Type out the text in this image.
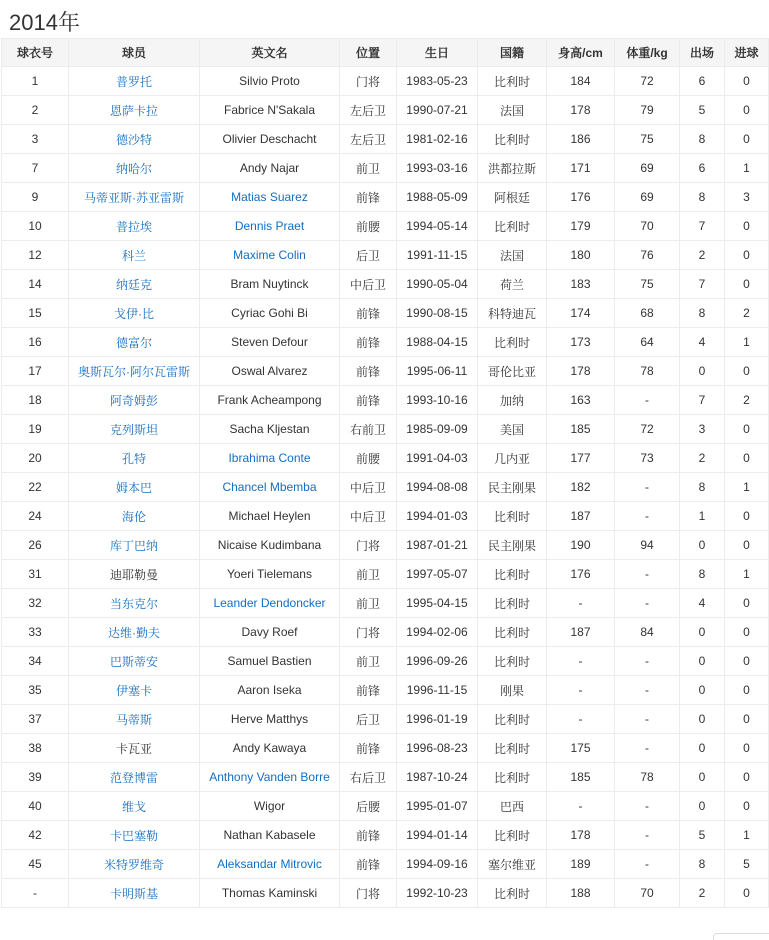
2014年
球衣号	球员	英文名	位置	生日	国籍	身高/cm	体重/kg	出场	进球
1	普罗托	Silvio Proto	门将	1983-05-23	比利时	184	72	6	0
2	恩萨卡拉	Fabrice N'Sakala	左后卫	1990-07-21	法国	178	79	5	0
3	德沙特	Olivier Deschacht	左后卫	1981-02-16	比利时	186	75	8	0
7	纳哈尔	Andy Najar	前卫	1993-03-16	洪都拉斯	171	69	6	1
9	马蒂亚斯·苏亚雷斯	Matias Suarez	前锋	1988-05-09	阿根廷	176	69	8	3
10	普拉埃	Dennis Praet	前腰	1994-05-14	比利时	179	70	7	0
12	科兰	Maxime Colin	后卫	1991-11-15	法国	180	76	2	0
14	纳廷克	Bram Nuytinck	中后卫	1990-05-04	荷兰	183	75	7	0
15	戈伊·比	Cyriac Gohi Bi	前锋	1990-08-15	科特迪瓦	174	68	8	2
16	德富尔	Steven Defour	前锋	1988-04-15	比利时	173	64	4	1
17	奥斯瓦尔·阿尔瓦雷斯	Oswal Alvarez	前锋	1995-06-11	哥伦比亚	178	78	0	0
18	阿奇姆彭	Frank Acheampong	前锋	1993-10-16	加纳	163	-	7	2
19	克列斯坦	Sacha Kljestan	右前卫	1985-09-09	美国	185	72	3	0
20	孔特	Ibrahima Conte	前腰	1991-04-03	几内亚	177	73	2	0
22	姆本巴	Chancel Mbemba	中后卫	1994-08-08	民主刚果	182	-	8	1
24	海伦	Michael Heylen	中后卫	1994-01-03	比利时	187	-	1	0
26	库丁巴纳	Nicaise Kudimbana	门将	1987-01-21	民主刚果	190	94	0	0
31	迪耶勒曼	Yoeri Tielemans	前卫	1997-05-07	比利时	176	-	8	1
32	当东克尔	Leander Dendoncker	前卫	1995-04-15	比利时	-	-	4	0
33	达维·勤夫	Davy Roef	门将	1994-02-06	比利时	187	84	0	0
34	巴斯蒂安	Samuel Bastien	前卫	1996-09-26	比利时	-	-	0	0
35	伊塞卡	Aaron Iseka	前锋	1996-11-15	刚果	-	-	0	0
37	马蒂斯	Herve Matthys	后卫	1996-01-19	比利时	-	-	0	0
38	卡瓦亚	Andy Kawaya	前锋	1996-08-23	比利时	175	-	0	0
39	范登博雷	Anthony Vanden Borre	右后卫	1987-10-24	比利时	185	78	0	0
40	维戈	Wigor	后腰	1995-01-07	巴西	-	-	0	0
42	卡巴塞勒	Nathan Kabasele	前锋	1994-01-14	比利时	178	-	5	1
45	米特罗维奇	Aleksandar Mitrovic	前锋	1994-09-16	塞尔维亚	189	-	8	5
-	卡明斯基	Thomas Kaminski	门将	1992-10-23	比利时	188	70	2	0
